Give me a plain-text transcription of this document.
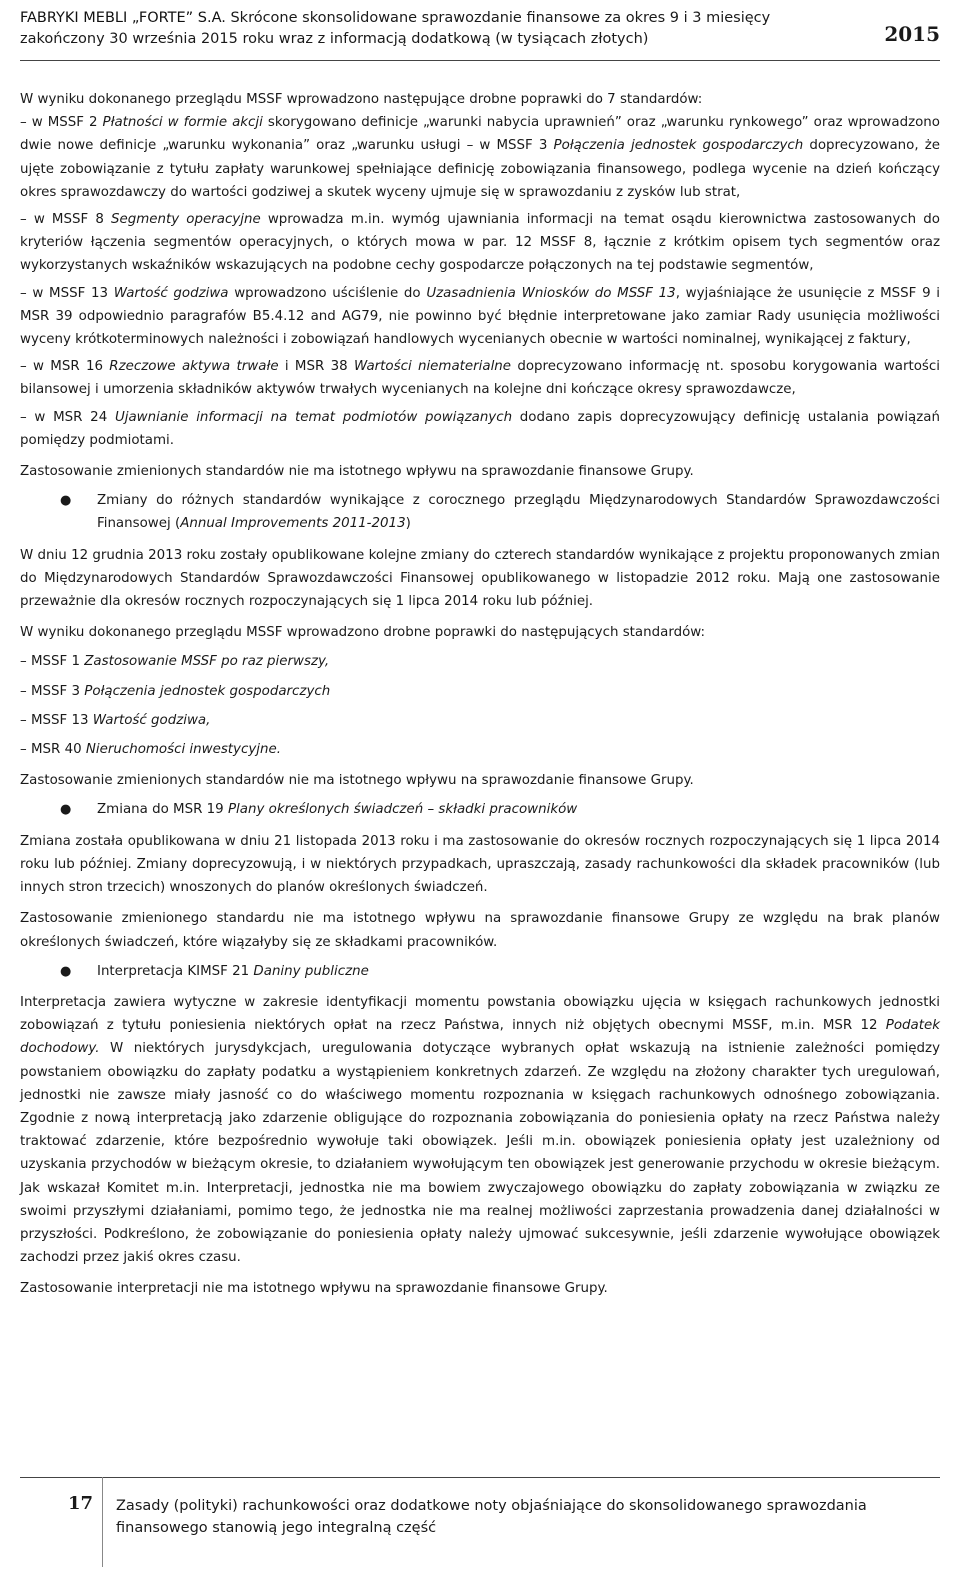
FABRYKI MEBLI „FORTE” S.A. Skrócone skonsolidowane sprawozdanie finansowe za okres 9 i 3 miesięcy zakończony 30 września 2015 roku wraz z informacją dodatkową (w tysiącach złotych)	2015

W wyniku dokonanego przeglądu MSSF wprowadzono następujące drobne poprawki do 7 standardów:

– w MSSF 2 Płatności w formie akcji skorygowano definicje „warunki nabycia uprawnień” oraz „warunku rynkowego” oraz wprowadzono dwie nowe definicje „warunku wykonania” oraz „warunku usługi – w MSSF 3 Połączenia jednostek gospodarczych doprecyzowano, że ujęte zobowiązanie z tytułu zapłaty warunkowej spełniające definicję zobowiązania finansowego, podlega wycenie na dzień kończący okres sprawozdawczy do wartości godziwej a skutek wyceny ujmuje się w sprawozdaniu z zysków lub strat,

– w MSSF 8 Segmenty operacyjne wprowadza m.in. wymóg ujawniania informacji na temat osądu kierownictwa zastosowanych do kryteriów łączenia segmentów operacyjnych, o których mowa w par. 12 MSSF 8, łącznie z krótkim opisem tych segmentów oraz wykorzystanych wskaźników wskazujących na podobne cechy gospodarcze połączonych na tej podstawie segmentów,

– w MSSF 13 Wartość godziwa wprowadzono uściślenie do Uzasadnienia Wniosków do MSSF 13, wyjaśniające że usunięcie z MSSF 9 i MSR 39 odpowiednio paragrafów B5.4.12 and AG79, nie powinno być błędnie interpretowane jako zamiar Rady usunięcia możliwości wyceny krótkoterminowych należności i zobowiązań handlowych wycenianych obecnie w wartości nominalnej, wynikającej z faktury,

– w MSR 16 Rzeczowe aktywa trwałe i MSR 38 Wartości niematerialne doprecyzowano informację nt. sposobu korygowania wartości bilansowej i umorzenia składników aktywów trwałych wycenianych na kolejne dni kończące okresy sprawozdawcze,

– w MSR 24 Ujawnianie informacji na temat podmiotów powiązanych dodano zapis doprecyzowujący definicję ustalania powiązań pomiędzy podmiotami.

Zastosowanie zmienionych standardów nie ma istotnego wpływu na sprawozdanie finansowe Grupy.

● Zmiany do różnych standardów wynikające z corocznego przeglądu Międzynarodowych Standardów Sprawozdawczości Finansowej (Annual Improvements 2011-2013)

W dniu 12 grudnia 2013 roku zostały opublikowane kolejne zmiany do czterech standardów wynikające z projektu proponowanych zmian do Międzynarodowych Standardów Sprawozdawczości Finansowej opublikowanego w listopadzie 2012 roku. Mają one zastosowanie przeważnie dla okresów rocznych rozpoczynających się 1 lipca 2014 roku lub później.

W wyniku dokonanego przeglądu MSSF wprowadzono drobne poprawki do następujących standardów:

– MSSF 1 Zastosowanie MSSF po raz pierwszy,

– MSSF 3 Połączenia jednostek gospodarczych

– MSSF 13 Wartość godziwa,

– MSR 40 Nieruchomości inwestycyjne.

Zastosowanie zmienionych standardów nie ma istotnego wpływu na sprawozdanie finansowe Grupy.

● Zmiana do MSR 19 Plany określonych świadczeń – składki pracowników

Zmiana została opublikowana w dniu 21 listopada 2013 roku i ma zastosowanie do okresów rocznych rozpoczynających się 1 lipca 2014 roku lub później. Zmiany doprecyzowują, i w niektórych przypadkach, upraszczają, zasady rachunkowości dla składek pracowników (lub innych stron trzecich) wnoszonych do planów określonych świadczeń.

Zastosowanie zmienionego standardu nie ma istotnego wpływu na sprawozdanie finansowe Grupy ze względu na brak planów określonych świadczeń, które wiązałyby się ze składkami pracowników.

● Interpretacja KIMSF 21 Daniny publiczne

Interpretacja zawiera wytyczne w zakresie identyfikacji momentu powstania obowiązku ujęcia w księgach rachunkowych jednostki zobowiązań z tytułu poniesienia niektórych opłat na rzecz Państwa, innych niż objętych obecnymi MSSF, m.in. MSR 12 Podatek dochodowy. W niektórych jurysdykcjach, uregulowania dotyczące wybranych opłat wskazują na istnienie zależności pomiędzy powstaniem obowiązku do zapłaty podatku a wystąpieniem konkretnych zdarzeń. Ze względu na złożony charakter tych uregulowań, jednostki nie zawsze miały jasność co do właściwego momentu rozpoznania w księgach rachunkowych odnośnego zobowiązania. Zgodnie z nową interpretacją jako zdarzenie obligujące do rozpoznania zobowiązania do poniesienia opłaty na rzecz Państwa należy traktować zdarzenie, które bezpośrednio wywołuje taki obowiązek. Jeśli m.in. obowiązek poniesienia opłaty jest uzależniony od uzyskania przychodów w bieżącym okresie, to działaniem wywołującym ten obowiązek jest generowanie przychodu w okresie bieżącym. Jak wskazał Komitet m.in. Interpretacji, jednostka nie ma bowiem zwyczajowego obowiązku do zapłaty zobowiązania w związku ze swoimi przyszłymi działaniami, pomimo tego, że jednostka nie ma realnej możliwości zaprzestania prowadzenia danej działalności w przyszłości. Podkreślono, że zobowiązanie do poniesienia opłaty należy ujmować sukcesywnie, jeśli zdarzenie wywołujące obowiązek zachodzi przez jakiś okres czasu.

Zastosowanie interpretacji nie ma istotnego wpływu na sprawozdanie finansowe Grupy.

17 Zasady (polityki) rachunkowości oraz dodatkowe noty objaśniające do skonsolidowanego sprawozdania finansowego stanowią jego integralną część
